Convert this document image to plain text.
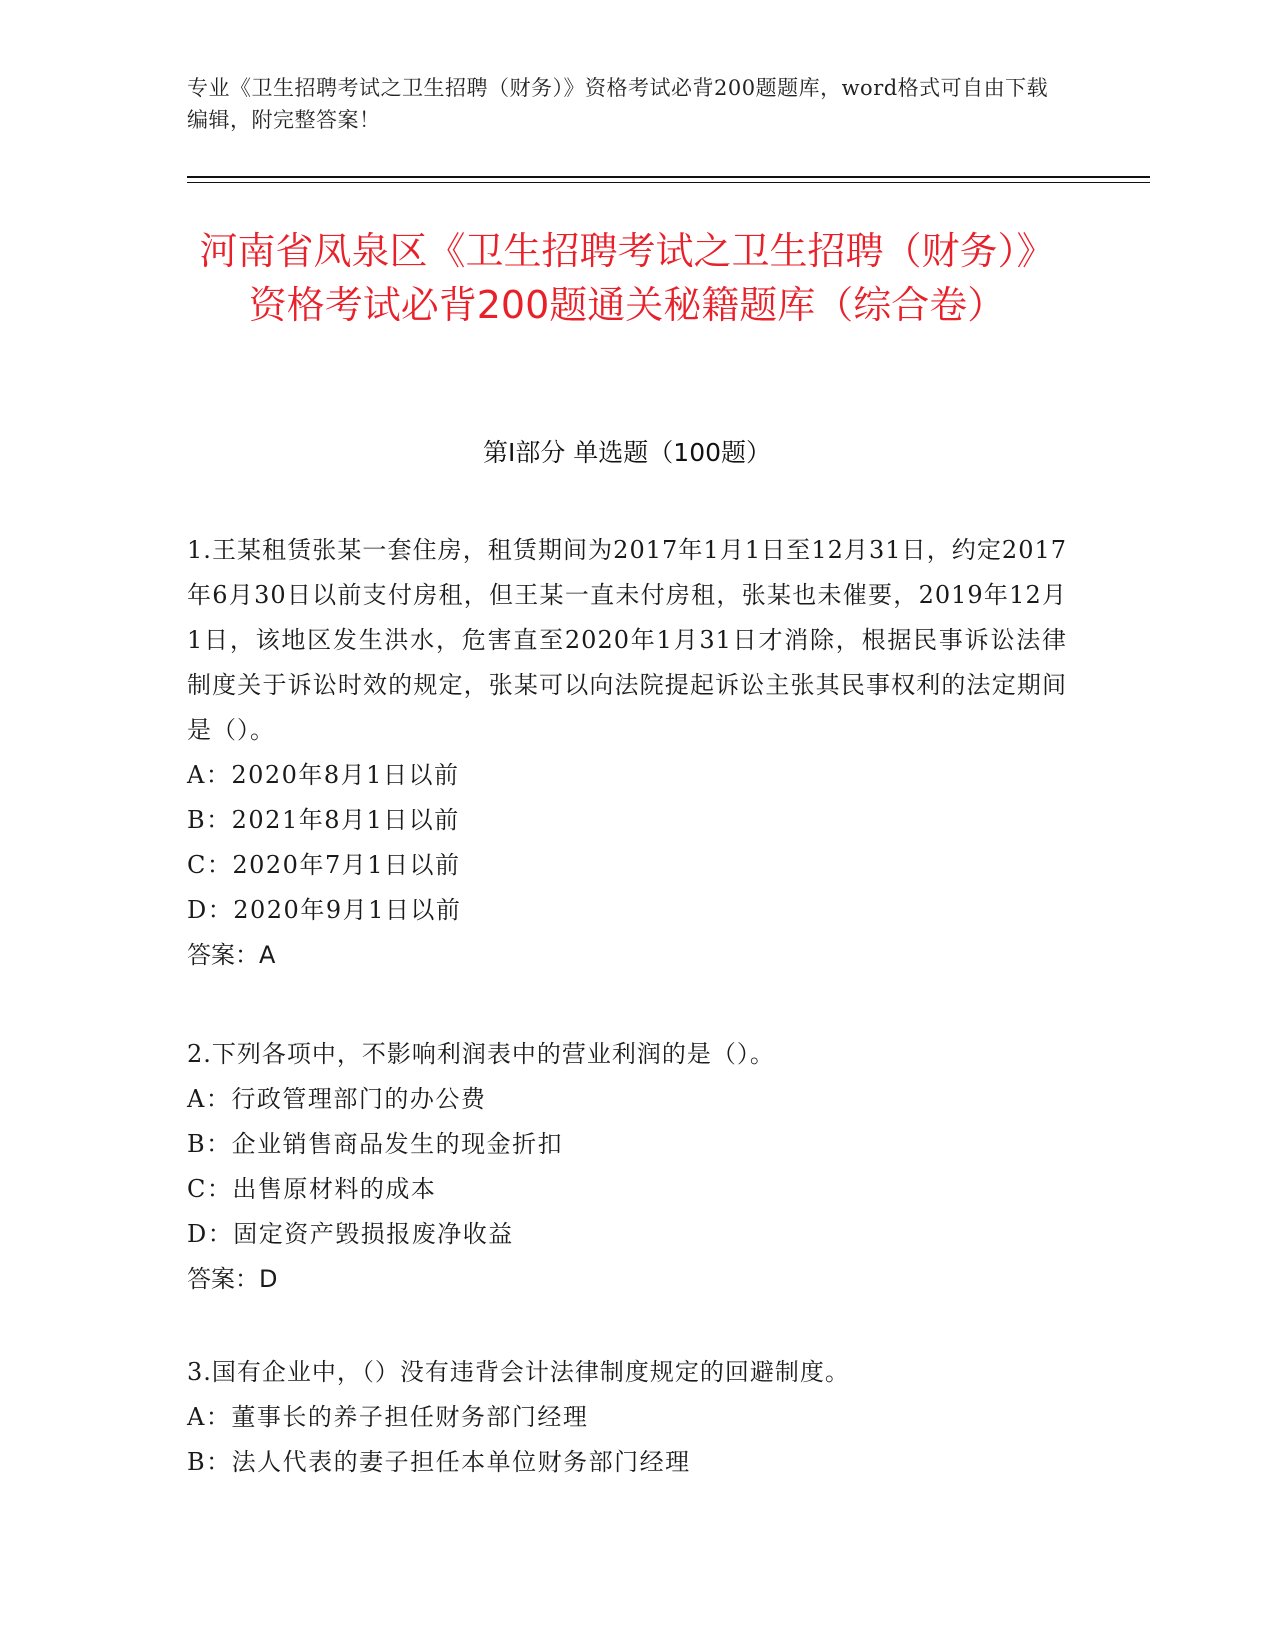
专业《卫生招聘考试之卫生招聘（财务）》资格考试必背200题题库，word格式可自由下载编辑，附完整答案！
河南省凤泉区《卫生招聘考试之卫生招聘（财务）》资格考试必背200题通关秘籍题库（综合卷）
第I部分 单选题（100题）

1.王某租赁张某一套住房，租赁期间为2017年1月1日至12月31日，约定2017年6月30日以前支付房租，但王某一直未付房租，张某也未催要，2019年12月1日，该地区发生洪水，危害直至2020年1月31日才消除，根据民事诉讼法律制度关于诉讼时效的规定，张某可以向法院提起诉讼主张其民事权利的法定期间是（）。

A：2020年8月1日以前
B：2021年8月1日以前
C：2020年7月1日以前
D：2020年9月1日以前

答案：A

2.下列各项中，不影响利润表中的营业利润的是（）。

A：行政管理部门的办公费
B：企业销售商品发生的现金折扣
C：出售原材料的成本
D：固定资产毁损报废净收益

答案：D

3.国有企业中，（）没有违背会计法律制度规定的回避制度。

A：董事长的养子担任财务部门经理
B：法人代表的妻子担任本单位财务部门经理
